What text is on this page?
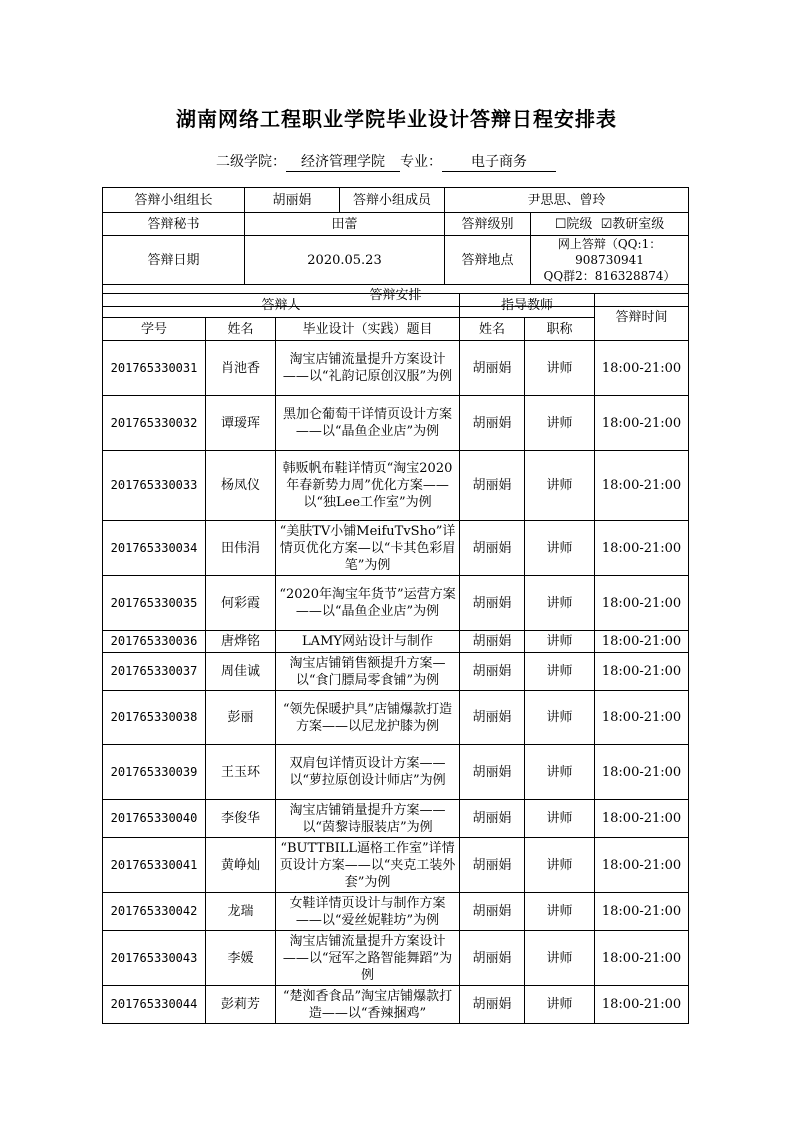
湖南网络工程职业学院毕业设计答辩日程安排表
二级学院： 经济管理学院 专业： 电子商务
答辩小组组长	胡丽娟	答辩小组成员	尹思思、曾玲	
答辩秘书	田蕾		答辩级别	☐院级 ☑教研室级
答辩日期	2020.05.23		答辩地点	网上答辩（QQ:1：908730941
QQ群2：816328874）

答辩安排				
答辩人			指导教师		答辩时间
学号	姓名	毕业设计（实践）题目	姓名	职称	
201765330031	肖池香	淘宝店铺流量提升方案设计——以“礼韵记原创汉服”为例	胡丽娟	讲师	18:00-21:00
201765330032	谭瑷珲	黑加仑葡萄干详情页设计方案——以“晶鱼企业店”为例	胡丽娟	讲师	18:00-21:00
201765330033	杨凤仪	韩贩帆布鞋详情页“淘宝2020年春新势力周”优化方案——以“独Lee工作室”为例	胡丽娟	讲师	18:00-21:00
201765330034	田伟涓	“美肤TV小铺MeifuTvSho”详情页优化方案—以“卡其色彩眉笔”为例	胡丽娟	讲师	18:00-21:00
201765330035	何彩霞	“2020年淘宝年货节”运营方案——以“晶鱼企业店”为例	胡丽娟	讲师	18:00-21:00
201765330036	唐烨铭	LAMY网站设计与制作	胡丽娟	讲师	18:00-21:00
201765330037	周佳诚	淘宝店铺销售额提升方案—以“食门膘局零食铺”为例	胡丽娟	讲师	18:00-21:00
201765330038	彭丽	“领先保暖护具”店铺爆款打造方案——以尼龙护膝为例	胡丽娟	讲师	18:00-21:00
201765330039	王玉环	双肩包详情页设计方案——以“萝拉原创设计师店”为例	胡丽娟	讲师	18:00-21:00
201765330040	李俊华	淘宝店铺销量提升方案——以“茵黎诗服装店”为例	胡丽娟	讲师	18:00-21:00
201765330041	黄峥灿	“BUTTBILL逼格工作室”详情页设计方案——以“夹克工装外套”为例	胡丽娟	讲师	18:00-21:00
201765330042	龙瑞	女鞋详情页设计与制作方案——以“爱丝妮鞋坊”为例	胡丽娟	讲师	18:00-21:00
201765330043	李媛	淘宝店铺流量提升方案设计——以“冠军之路智能舞蹈”为例	胡丽娟	讲师	18:00-21:00
201765330044	彭莉芳	“楚洳香食品”淘宝店铺爆款打造——以“香辣捆鸡”	胡丽娟	讲师	18:00-21:00
